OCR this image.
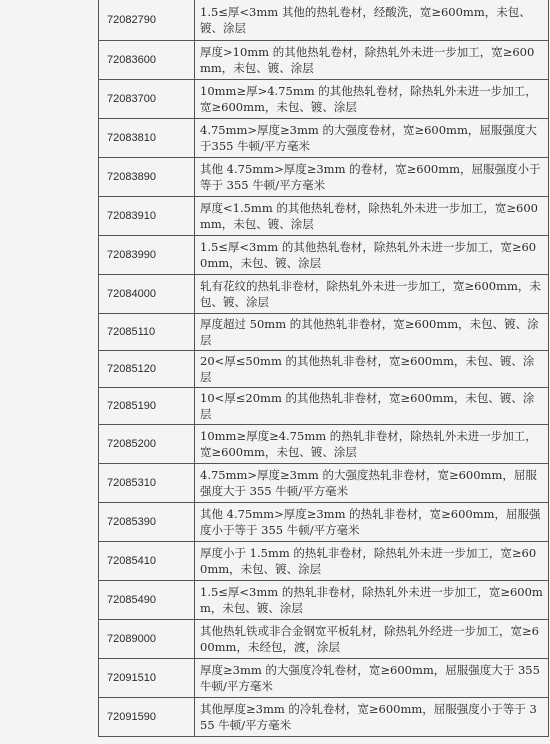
72082790	1.5≤厚<3mm 其他的热轧卷材，经酸洗，宽≥600mm，未包、镀、涂层
72083600	厚度>10mm 的其他热轧卷材，除热轧外未进一步加工，宽≥600mm，未包、镀、涂层
72083700	10mm≥厚>4.75mm 的其他热轧卷材，除热轧外未进一步加工，宽≥600mm，未包、镀、涂层
72083810	4.75mm>厚度≥3mm 的大强度卷材，宽≥600mm，屈服强度大于355 牛顿/平方毫米
72083890	其他 4.75mm>厚度≥3mm 的卷材，宽≥600mm，屈服强度小于等于 355 牛顿/平方毫米
72083910	厚度<1.5mm 的其他热轧卷材，除热轧外未进一步加工，宽≥600mm，未包、镀、涂层
72083990	1.5≤厚<3mm 的其他热轧卷材，除热轧外未进一步加工，宽≥600mm，未包、镀、涂层
72084000	轧有花纹的热轧非卷材，除热轧外未进一步加工，宽≥600mm，未包、镀、涂层
72085110	厚度超过 50mm 的其他热轧非卷材，宽≥600mm，未包、镀、涂层
72085120	20<厚≤50mm 的其他热轧非卷材，宽≥600mm，未包、镀、涂层
72085190	10<厚≤20mm 的其他热轧非卷材，宽≥600mm，未包、镀、涂层
72085200	10mm≥厚度≥4.75mm 的热轧非卷材，除热轧外未进一步加工，宽≥600mm，未包、镀、涂层
72085310	4.75mm>厚度≥3mm 的大强度热轧非卷材，宽≥600mm，屈服强度大于 355 牛顿/平方毫米
72085390	其他 4.75mm>厚度≥3mm 的热轧非卷材，宽≥600mm，屈服强度小于等于 355 牛顿/平方毫米
72085410	厚度小于 1.5mm 的热轧非卷材，除热轧外未进一步加工，宽≥600mm，未包、镀、涂层
72085490	1.5≤厚<3mm 的热轧非卷材，除热轧外未进一步加工，宽≥600mm，未包、镀、涂层
72089000	其他热轧铁或非合金钢宽平板轧材，除热轧外经进一步加工，宽≥600mm，未经包，渡，涂层
72091510	厚度≥3mm 的大强度冷轧卷材，宽≥600mm，屈服强度大于 355 牛顿/平方毫米
72091590	其他厚度≥3mm 的冷轧卷材，宽≥600mm，屈服强度小于等于 355 牛顿/平方毫米
